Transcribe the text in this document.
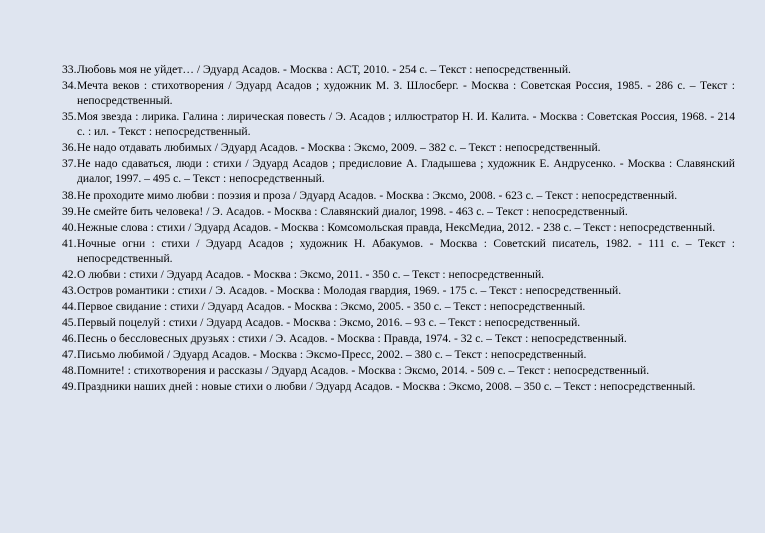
33. Любовь моя не уйдет… / Эдуард Асадов. - Москва : АСТ, 2010. - 254 с. – Текст : непосредственный.
34. Мечта веков : стихотворения / Эдуард Асадов ; художник М. З. Шлосберг. - Москва : Советская Россия, 1985. - 286 с. – Текст : непосредственный.
35. Моя звезда : лирика. Галина : лирическая повесть / Э. Асадов ; иллюстратор Н. И. Калита. - Москва : Советская Россия, 1968. - 214 с. : ил. - Текст : непосредственный.
36. Не надо отдавать любимых / Эдуард Асадов. - Москва : Эксмо, 2009. – 382 с. – Текст : непосредственный.
37. Не надо сдаваться, люди : стихи / Эдуард Асадов ; предисловие А. Гладышева ; художник Е. Андрусенко. - Москва : Славянский диалог, 1997. – 495 с. – Текст : непосредственный.
38. Не проходите мимо любви : поэзия и проза / Эдуард Асадов. - Москва : Эксмо, 2008. - 623 с. – Текст : непосредственный.
39. Не смейте бить человека! / Э. Асадов. - Москва : Славянский диалог, 1998. - 463 с. – Текст : непосредственный.
40. Нежные слова : стихи / Эдуард Асадов. - Москва : Комсомольская правда, НексМедиа, 2012. - 238 с. – Текст : непосредственный.
41. Ночные огни : стихи / Эдуард Асадов ; художник Н. Абакумов. - Москва : Советский писатель, 1982. - 111 с. – Текст : непосредственный.
42. О любви : стихи / Эдуард Асадов. - Москва : Эксмо, 2011. - 350 с. – Текст : непосредственный.
43. Остров романтики : стихи / Э. Асадов. - Москва : Молодая гвардия, 1969. - 175 с. – Текст : непосредственный.
44. Первое свидание : стихи / Эдуард Асадов. - Москва : Эксмо, 2005. - 350 с. – Текст : непосредственный.
45. Первый поцелуй : стихи / Эдуард Асадов. - Москва : Эксмо, 2016. – 93 с. – Текст : непосредственный.
46. Песнь о бессловесных друзьях : стихи / Э. Асадов. - Москва : Правда, 1974. - 32 с. – Текст : непосредственный.
47. Письмо любимой / Эдуард Асадов. - Москва : Эксмо-Пресс, 2002. – 380 с. – Текст : непосредственный.
48. Помните! : стихотворения и рассказы / Эдуард Асадов. - Москва : Эксмо, 2014. - 509 с. – Текст : непосредственный.
49. Праздники наших дней : новые стихи о любви / Эдуард Асадов. - Москва : Эксмо, 2008. – 350 с. – Текст : непосредственный.
